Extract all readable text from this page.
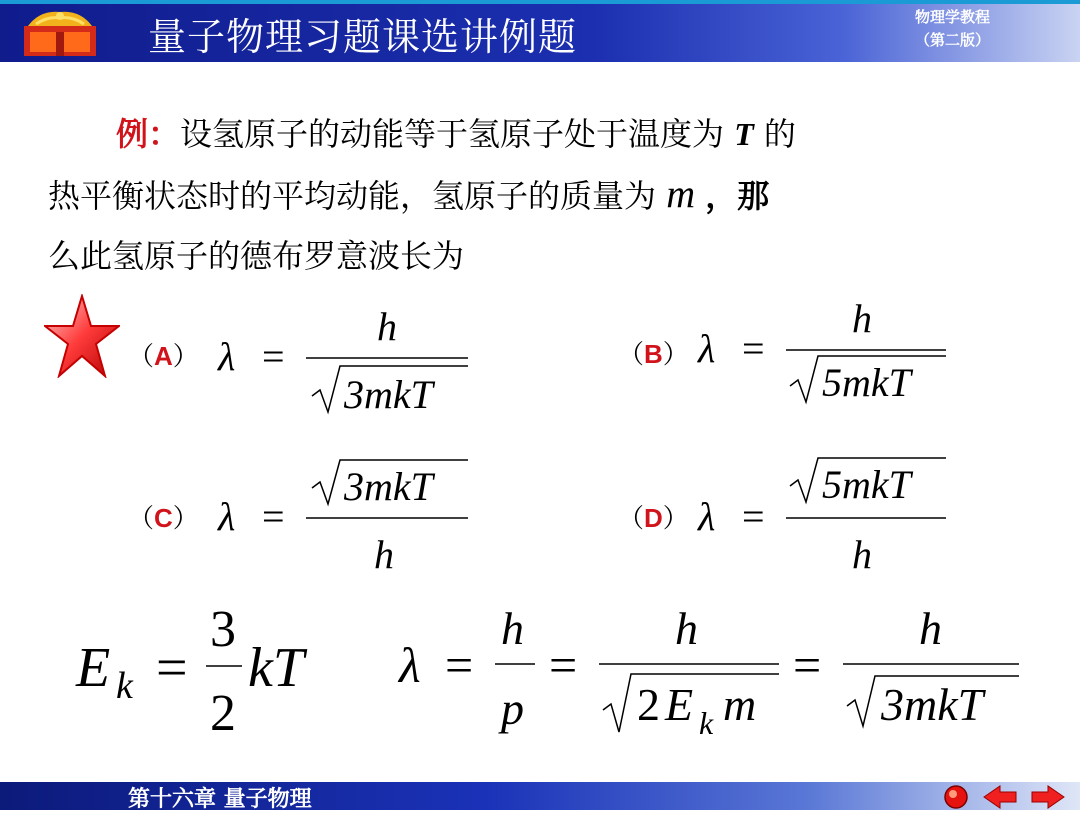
量子物理习题课选讲例题	物理学教程
（第二版）
例：设氢原子的动能等于氢原子处于温度为 T 的
热平衡状态时的平均动能，氢原子的质量为 m ，那
么此氢原子的德布罗意波长为
（A） λ =
h
3mkT
（B） λ =
h
5mkT
（C） λ =
3mkT
h
（D） λ =
5mkT
h
E k =
3
2
kT λ =
h
p
=
h
2 E k m
=
h
3mkT
第十六章 量子物理
